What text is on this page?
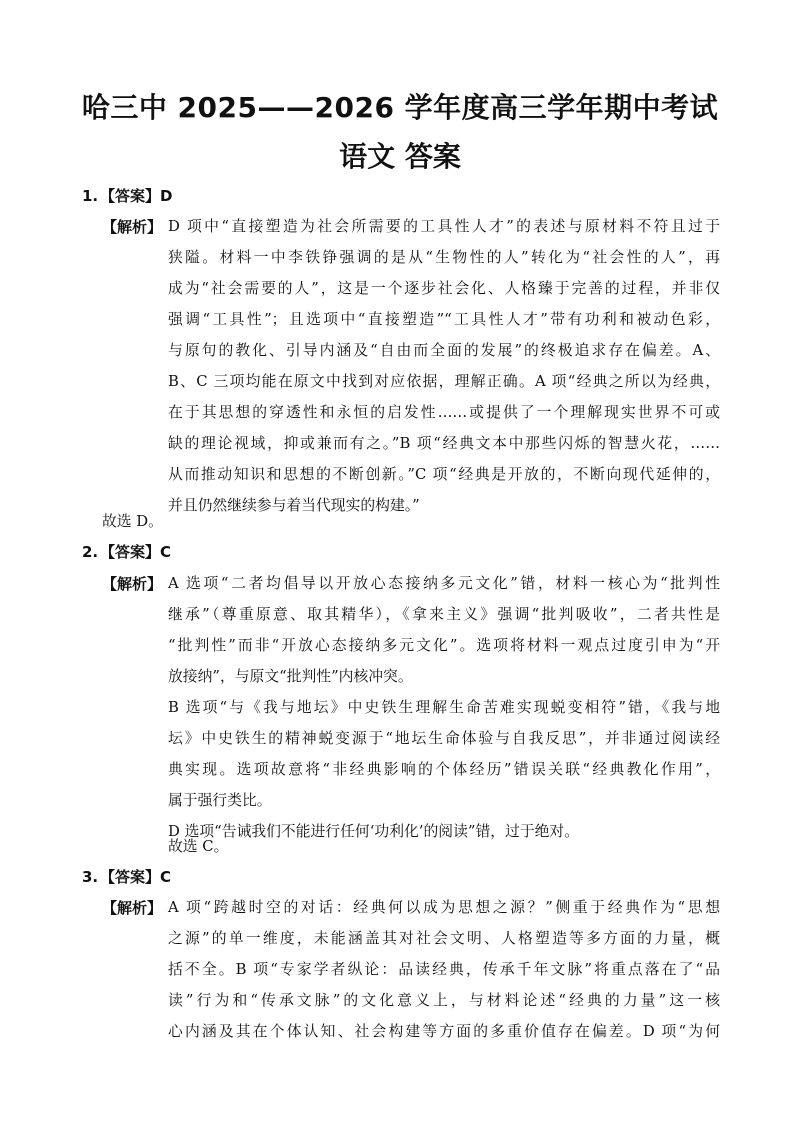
哈三中 2025——2026 学年度高三学年期中考试
语文 答案
1. 【答案】D
【解析】 D 项中“直接塑造为社会所需要的工具性人才”的表述与原材料不符且过于
狭隘。材料一中李铁铮强调的是从“生物性的人”转化为“社会性的人”，再
成为“社会需要的人”，这是一个逐步社会化、人格臻于完善的过程，并非仅
强调“工具性”；且选项中“直接塑造”“工具性人才”带有功利和被动色彩，
与原句的教化、引导内涵及“自由而全面的发展”的终极追求存在偏差。A、
B、C 三项均能在原文中找到对应依据，理解正确。A 项“经典之所以为经典，
在于其思想的穿透性和永恒的启发性……或提供了一个理解现实世界不可或
缺的理论视域，抑或兼而有之。”B 项“经典文本中那些闪烁的智慧火花，……
从而推动知识和思想的不断创新。”C 项“经典是开放的，不断向现代延伸的，
并且仍然继续参与着当代现实的构建。”
故选 D。
2. 【答案】C
【解析】 A 选项“二者均倡导以开放心态接纳多元文化”错，材料一核心为“批判性
继承”（尊重原意、取其精华），《拿来主义》强调“批判吸收”，二者共性是
“批判性”而非“开放心态接纳多元文化”。选项将材料一观点过度引申为“开
放接纳”，与原文“批判性”内核冲突。
B 选项“与《我与地坛》中史铁生理解生命苦难实现蜕变相符”错，《我与地
坛》中史铁生的精神蜕变源于“地坛生命体验与自我反思”，并非通过阅读经
典实现。选项故意将“非经典影响的个体经历”错误关联“经典教化作用”，
属于强行类比。
D 选项“告诫我们不能进行任何‘功利化’的阅读”错，过于绝对。
故选 C。
3. 【答案】C
【解析】 A 项“跨越时空的对话：经典何以成为思想之源？”侧重于经典作为“思想
之源”的单一维度，未能涵盖其对社会文明、人格塑造等多方面的力量，概
括不全。B 项“专家学者纵论：品读经典，传承千年文脉”将重点落在了“品
读”行为和“传承文脉”的文化意义上，与材料论述“经典的力量”这一核
心内涵及其在个体认知、社会构建等方面的多重价值存在偏差。D 项“为何
